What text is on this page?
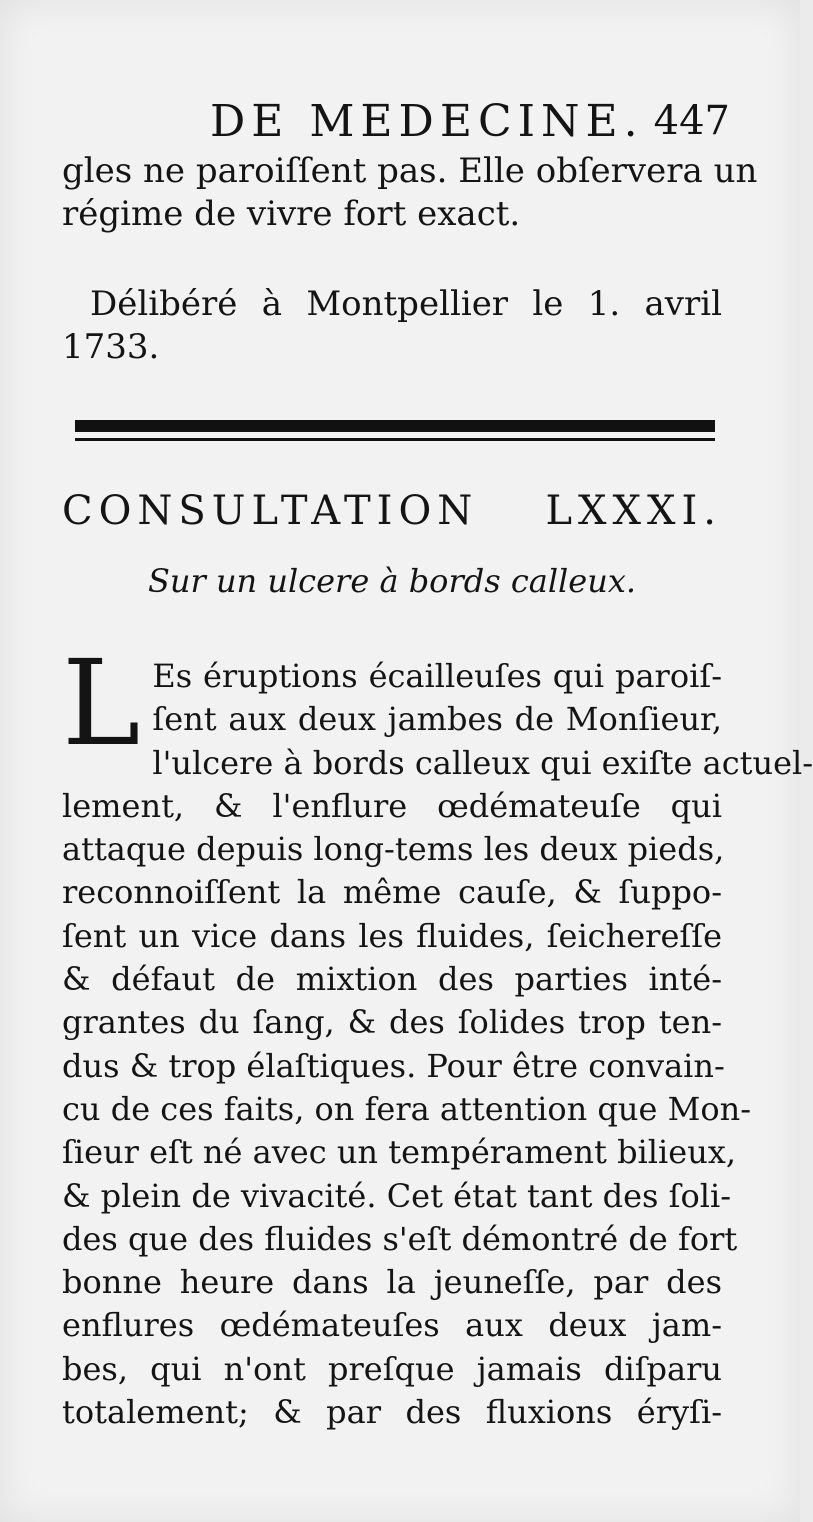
DE MEDECINE. 447
gles ne paroiſſent pas. Elle obſervera un
régime de vivre fort exact.
Délibéré à Montpellier le 1. avril
1733.
CONSULTATION LXXXI.
Sur un ulcere à bords calleux.
L Es éruptions écailleuſes qui paroiſ-
ſent aux deux jambes de Monſieur,
l'ulcere à bords calleux qui exiſte actuel-
lement, & l'enflure œdémateuſe qui
attaque depuis long-tems les deux pieds,
reconnoiſſent la même cauſe, & ſuppo-
ſent un vice dans les fluides, ſeichereſſe
& défaut de mixtion des parties inté-
grantes du ſang, & des ſolides trop ten-
dus & trop élaſtiques. Pour être convain-
cu de ces faits, on fera attention que Mon-
ſieur eſt né avec un tempérament bilieux,
& plein de vivacité. Cet état tant des ſoli-
des que des fluides s'eſt démontré de fort
bonne heure dans la jeuneſſe, par des
enflures œdémateuſes aux deux jam-
bes, qui n'ont preſque jamais diſparu
totalement; & par des fluxions éryſi-
